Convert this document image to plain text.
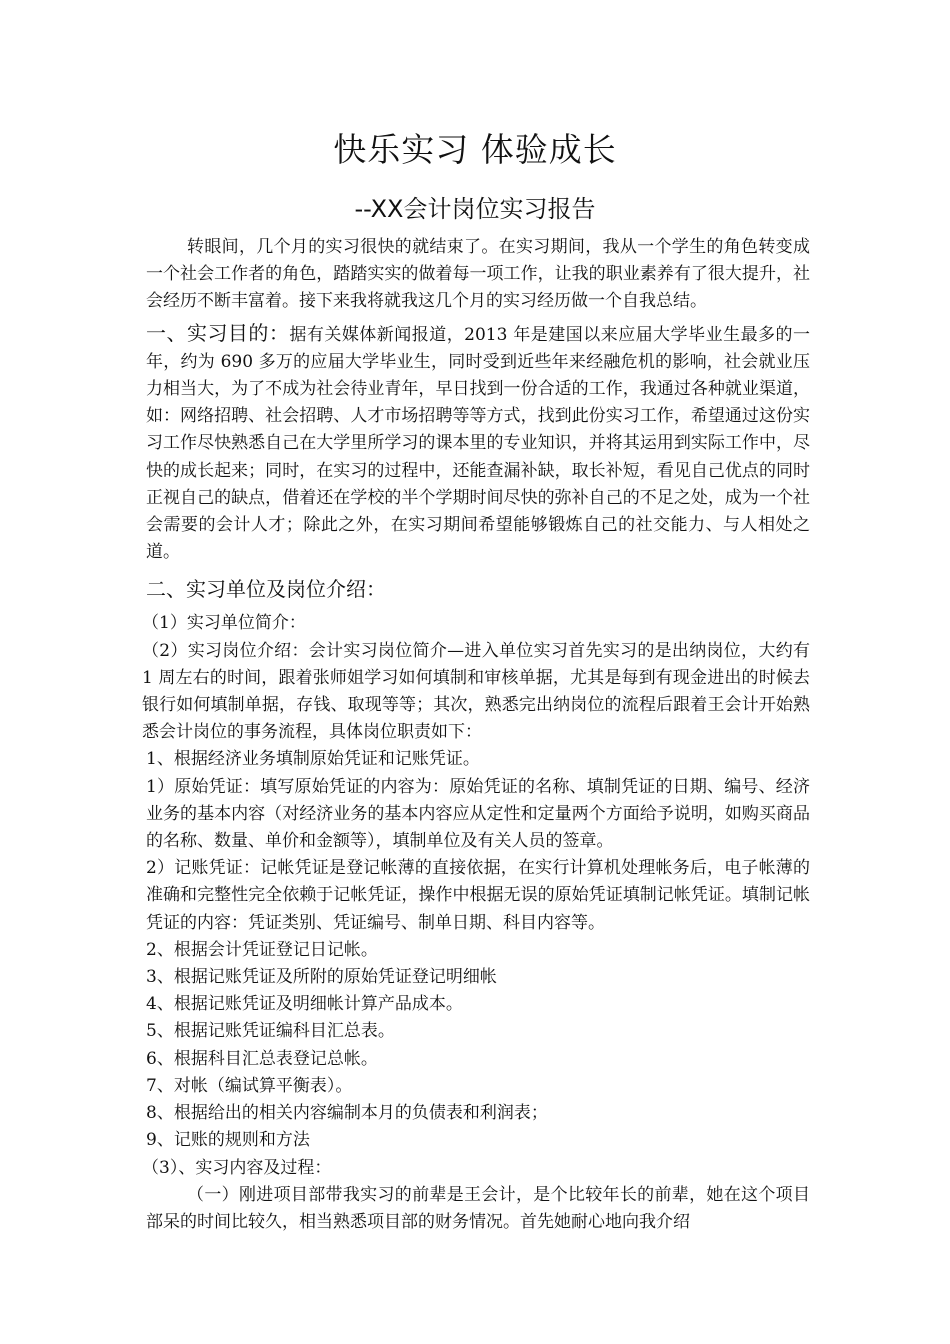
快乐实习 体验成长
--XX会计岗位实习报告

转眼间，几个月的实习很快的就结束了。在实习期间，我从一个学生的角色转变成一个社会工作者的角色，踏踏实实的做着每一项工作，让我的职业素养有了很大提升，社会经历不断丰富着。接下来我将就我这几个月的实习经历做一个自我总结。

一、实习目的：据有关媒体新闻报道，2013 年是建国以来应届大学毕业生最多的一年，约为 690 多万的应届大学毕业生，同时受到近些年来经融危机的影响，社会就业压力相当大，为了不成为社会待业青年，早日找到一份合适的工作，我通过各种就业渠道，如：网络招聘、社会招聘、人才市场招聘等等方式，找到此份实习工作，希望通过这份实习工作尽快熟悉自己在大学里所学习的课本里的专业知识，并将其运用到实际工作中，尽快的成长起来；同时，在实习的过程中，还能查漏补缺，取长补短，看见自己优点的同时正视自己的缺点，借着还在学校的半个学期时间尽快的弥补自己的不足之处，成为一个社会需要的会计人才；除此之外，在实习期间希望能够锻炼自己的社交能力、与人相处之道。

二、实习单位及岗位介绍：

（1）实习单位简介：

（2）实习岗位介绍：会计实习岗位简介—进入单位实习首先实习的是出纳岗位，大约有 1 周左右的时间，跟着张师姐学习如何填制和审核单据，尤其是每到有现金进出的时候去银行如何填制单据，存钱、取现等等；其次，熟悉完出纳岗位的流程后跟着王会计开始熟悉会计岗位的事务流程，具体岗位职责如下：

1、根据经济业务填制原始凭证和记账凭证。

1）原始凭证：填写原始凭证的内容为：原始凭证的名称、填制凭证的日期、编号、经济业务的基本内容（对经济业务的基本内容应从定性和定量两个方面给予说明，如购买商品的名称、数量、单价和金额等），填制单位及有关人员的签章。

2）记账凭证：记帐凭证是登记帐薄的直接依据，在实行计算机处理帐务后，电子帐薄的准确和完整性完全依赖于记帐凭证，操作中根据无误的原始凭证填制记帐凭证。填制记帐凭证的内容：凭证类别、凭证编号、制单日期、科目内容等。

2、根据会计凭证登记日记帐。

3、根据记账凭证及所附的原始凭证登记明细帐

4、根据记账凭证及明细帐计算产品成本。

5、根据记账凭证编科目汇总表。

6、根据科目汇总表登记总帐。

7、对帐（编试算平衡表）。

8、根据给出的相关内容编制本月的负债表和利润表；

9、记账的规则和方法

（3）、实习内容及过程：

（一）刚进项目部带我实习的前辈是王会计，是个比较年长的前辈，她在这个项目部呆的时间比较久，相当熟悉项目部的财务情况。首先她耐心地向我介绍
